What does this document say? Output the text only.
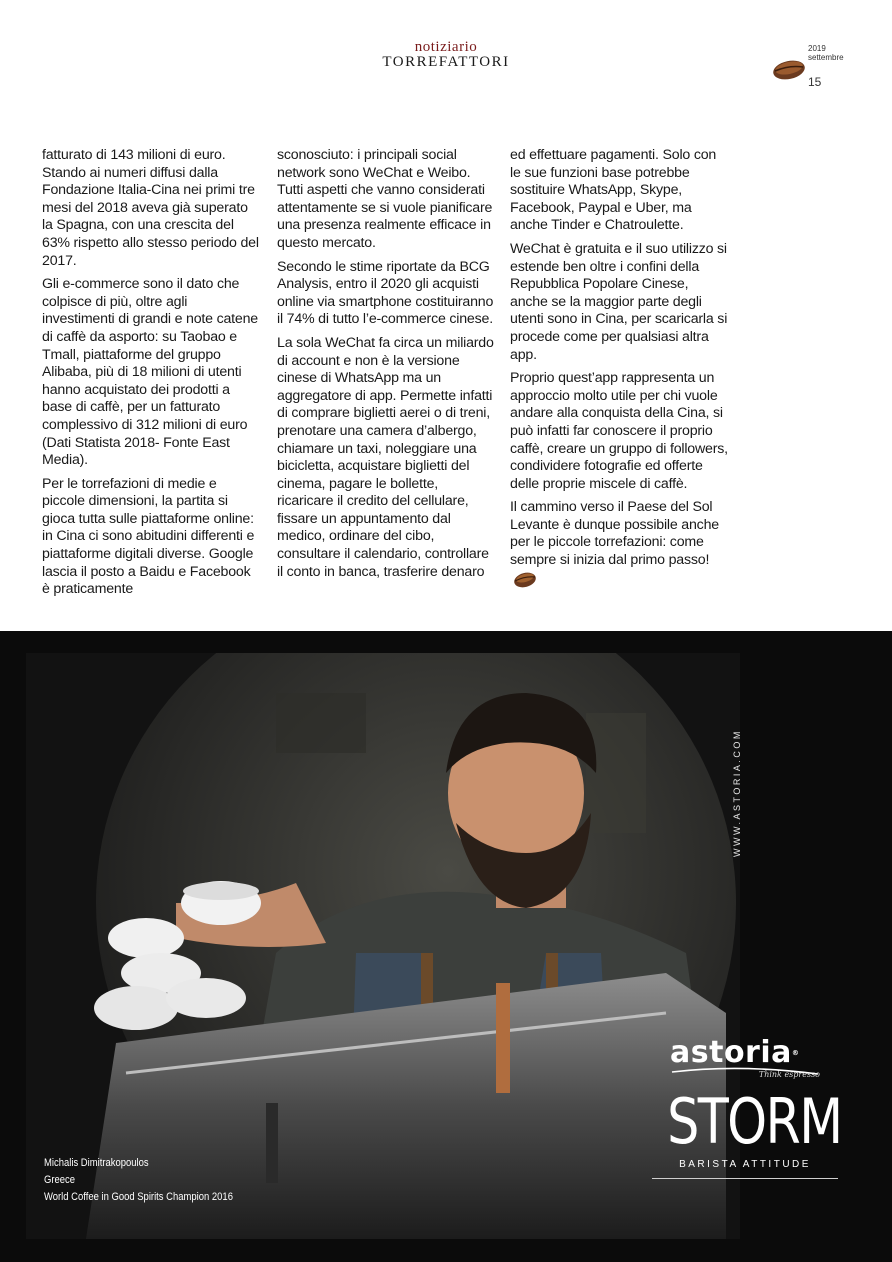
notiziario
TORREFATTORI
2019
settembre
15

fatturato di 143 milioni di euro. Stando ai numeri diffusi dalla Fondazione Italia-Cina nei primi tre mesi del 2018 aveva già superato la Spagna, con una crescita del 63% rispetto allo stesso periodo del 2017.

Gli e-commerce sono il dato che colpisce di più, oltre agli investimenti di grandi e note catene di caffè da asporto: su Taobao e Tmall, piattaforme del gruppo Alibaba, più di 18 milioni di utenti hanno acquistato dei prodotti a base di caffè, per un fatturato complessivo di 312 milioni di euro (Dati Statista 2018- Fonte East Media).

Per le torrefazioni di medie e piccole dimensioni, la partita si gioca tutta sulle piattaforme online: in Cina ci sono abitudini differenti e piattaforme digitali diverse. Google lascia il posto a Baidu e Facebook è praticamente

sconosciuto: i principali social network sono WeChat e Weibo. Tutti aspetti che vanno considerati attentamente se si vuole pianificare una presenza realmente efficace in questo mercato.

Secondo le stime riportate da BCG Analysis, entro il 2020 gli acquisti online via smartphone costituiranno il 74% di tutto l’e-commerce cinese.

La sola WeChat fa circa un miliardo di account e non è la versione cinese di WhatsApp ma un aggregatore di app. Permette infatti di comprare biglietti aerei o di treni, prenotare una camera d’albergo, chiamare un taxi, noleggiare una bicicletta, acquistare biglietti del cinema, pagare le bollette, ricaricare il credito del cellulare, fissare un appuntamento dal medico, ordinare del cibo, consultare il calendario, controllare il conto in banca, trasferire denaro

ed effettuare pagamenti. Solo con le sue funzioni base potrebbe sostituire WhatsApp, Skype, Facebook, Paypal e Uber, ma anche Tinder e Chatroulette.

WeChat è gratuita e il suo utilizzo si estende ben oltre i confini della Repubblica Popolare Cinese, anche se la maggior parte degli utenti sono in Cina, per scaricarla si procede come per qualsiasi altra app.

Proprio quest’app rappresenta un approccio molto utile per chi vuole andare alla conquista della Cina, si può infatti far conoscere il proprio caffè, creare un gruppo di followers, condividere fotografie ed offerte delle proprie miscele di caffè.

Il cammino verso il Paese del Sol Levante è dunque possibile anche per le piccole torrefazioni: come sempre si inizia dal primo passo!

WWW.ASTORIA.COM
astoria®
Think espresso
STORM
BARISTA ATTITUDE
Michalis Dimitrakopoulos
Greece
World Coffee in Good Spirits Champion 2016
